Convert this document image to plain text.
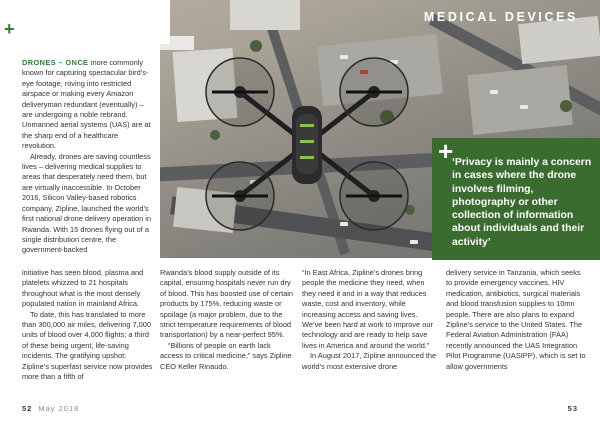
MEDICAL DEVICES
+

DRONES – ONCE more commonly known for capturing spectacular bird’s-eye footage, roving into restricted airspace or making every Amazon deliveryman redundant (eventually) – are undergoing a noble rebrand. Unmanned aerial systems (UAS) are at the sharp end of a healthcare revolution.

Already, drones are saving countless lives – delivering medical supplies to areas that desperately need them, but are virtually inaccessible. In October 2016, Silicon Valley-based robotics company, Zipline, launched the world’s first national drone delivery operation in Rwanda. With 15 drones flying out of a single distribution centre, the government-backed

initiative has seen blood, plasma and platelets whizzed to 21 hospitals throughout what is the most densely populated nation in mainland Africa.

To date, this has translated to more than 300,000 air miles, delivering 7,000 units of blood over 4,000 flights; a third of these being urgent, life-saving incidents. The gratifying upshot: Zipline’s superfast service now provides more than a fifth of

Rwanda’s blood supply outside of its capital, ensuring hospitals never run dry of blood. This has boosted use of certain products by 175%, reducing waste or spoilage (a major problem, due to the strict temperature requirements of blood transportation) by a near-perfect 95%.

“Billions of people on earth lack access to critical medicine,” says Zipline CEO Keller Rinaudo.

“In East Africa, Zipline’s drones bring people the medicine they need, when they need it and in a way that reduces waste, cost and inventory, while increasing access and saving lives. We’ve been hard at work to improve our technology and are ready to help save lives in America and around the world.”

In August 2017, Zipline announced the world’s most extensive drone

delivery service in Tanzania, which seeks to provide emergency vaccines, HIV medication, antibiotics, surgical materials and blood transfusion supplies to 10mn people. There are also plans to expand Zipline’s service to the United States. The Federal Aviation Administration (FAA) recently announced the UAS Integration Pilot Programme (UASIPP), which is set to allow governments

+

‘Privacy is mainly a concern in cases where the drone involves filming, photography or other collection of information about individuals and their activity’

52 May 2018	53
